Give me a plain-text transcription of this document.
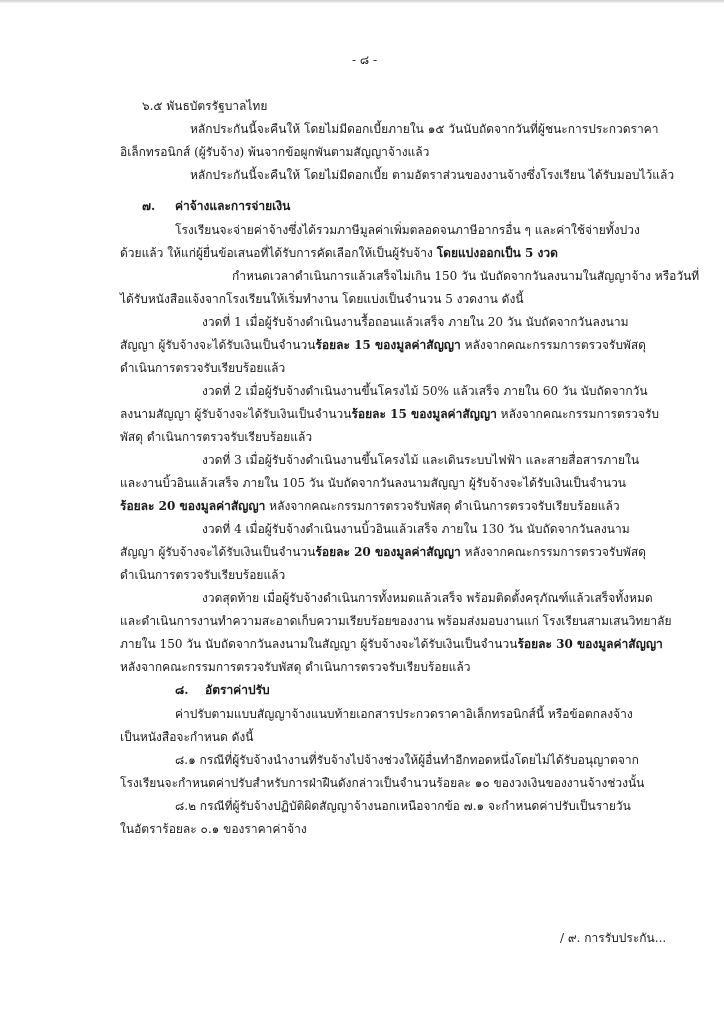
- ๘ -
๖.๕ พันธบัตรรัฐบาลไทย
หลักประกันนี้จะคืนให้ โดยไม่มีดอกเบี้ยภายใน ๑๕ วันนับถัดจากวันที่ผู้ชนะการประกวดราคา
อิเล็กทรอนิกส์ (ผู้รับจ้าง) พ้นจากข้อผูกพันตามสัญญาจ้างแล้ว
หลักประกันนี้จะคืนให้ โดยไม่มีดอกเบี้ย ตามอัตราส่วนของงานจ้างซึ่งโรงเรียน ได้รับมอบไว้แล้ว
๗. ค่าจ้างและการจ่ายเงิน
โรงเรียนจะจ่ายค่าจ้างซึ่งได้รวมภาษีมูลค่าเพิ่มตลอดจนภาษีอากรอื่น ๆ และค่าใช้จ่ายทั้งปวง
ด้วยแล้ว ให้แก่ผู้ยื่นข้อเสนอที่ได้รับการคัดเลือกให้เป็นผู้รับจ้าง โดยแบ่งออกเป็น 5 งวด
กำหนดเวลาดำเนินการแล้วเสร็จไม่เกิน 150 วัน นับถัดจากวันลงนามในสัญญาจ้าง หรือวันที่
ได้รับหนังสือแจ้งจากโรงเรียนให้เริ่มทำงาน โดยแบ่งเป็นจำนวน 5 งวดงาน ดังนี้
งวดที่ 1 เมื่อผู้รับจ้างดำเนินงานรื้อถอนแล้วเสร็จ ภายใน 20 วัน นับถัดจากวันลงนาม
สัญญา ผู้รับจ้างจะได้รับเงินเป็นจำนวนร้อยละ 15 ของมูลค่าสัญญา หลังจากคณะกรรมการตรวจรับพัสดุ
ดำเนินการตรวจรับเรียบร้อยแล้ว
งวดที่ 2 เมื่อผู้รับจ้างดำเนินงานขึ้นโครงไม้ 50% แล้วเสร็จ ภายใน 60 วัน นับถัดจากวัน
ลงนามสัญญา ผู้รับจ้างจะได้รับเงินเป็นจำนวนร้อยละ 15 ของมูลค่าสัญญา หลังจากคณะกรรมการตรวจรับ
พัสดุ ดำเนินการตรวจรับเรียบร้อยแล้ว
งวดที่ 3 เมื่อผู้รับจ้างดำเนินงานขึ้นโครงไม้ และเดินระบบไฟฟ้า และสายสื่อสารภายใน
และงานบิ้วอินแล้วเสร็จ ภายใน 105 วัน นับถัดจากวันลงนามสัญญา ผู้รับจ้างจะได้รับเงินเป็นจำนวน
ร้อยละ 20 ของมูลค่าสัญญา หลังจากคณะกรรมการตรวจรับพัสดุ ดำเนินการตรวจรับเรียบร้อยแล้ว
งวดที่ 4 เมื่อผู้รับจ้างดำเนินงานบิ้วอินแล้วเสร็จ ภายใน 130 วัน นับถัดจากวันลงนาม
สัญญา ผู้รับจ้างจะได้รับเงินเป็นจำนวนร้อยละ 20 ของมูลค่าสัญญา หลังจากคณะกรรมการตรวจรับพัสดุ
ดำเนินการตรวจรับเรียบร้อยแล้ว
งวดสุดท้าย เมื่อผู้รับจ้างดำเนินการทั้งหมดแล้วเสร็จ พร้อมติดตั้งครุภัณฑ์แล้วเสร็จทั้งหมด
และดำเนินการงานทำความสะอาดเก็บความเรียบร้อยของงาน พร้อมส่งมอบงานแก่ โรงเรียนสามเสนวิทยาลัย
ภายใน 150 วัน นับถัดจากวันลงนามในสัญญา ผู้รับจ้างจะได้รับเงินเป็นจำนวนร้อยละ 30 ของมูลค่าสัญญา
หลังจากคณะกรรมการตรวจรับพัสดุ ดำเนินการตรวจรับเรียบร้อยแล้ว
๘. อัตราค่าปรับ
ค่าปรับตามแบบสัญญาจ้างแนบท้ายเอกสารประกวดราคาอิเล็กทรอนิกส์นี้ หรือข้อตกลงจ้าง
เป็นหนังสือจะกำหนด ดังนี้
๘.๑ กรณีที่ผู้รับจ้างนำงานที่รับจ้างไปจ้างช่วงให้ผู้อื่นทำอีกทอดหนึ่งโดยไม่ได้รับอนุญาตจาก
โรงเรียนจะกำหนดค่าปรับสำหรับการฝ่าฝืนดังกล่าวเป็นจำนวนร้อยละ ๑๐ ของวงเงินของงานจ้างช่วงนั้น
๘.๒ กรณีที่ผู้รับจ้างปฏิบัติผิดสัญญาจ้างนอกเหนือจากข้อ ๗.๑ จะกำหนดค่าปรับเป็นรายวัน
ในอัตราร้อยละ ๐.๑ ของราคาค่าจ้าง
/ ๙. การรับประกัน...
